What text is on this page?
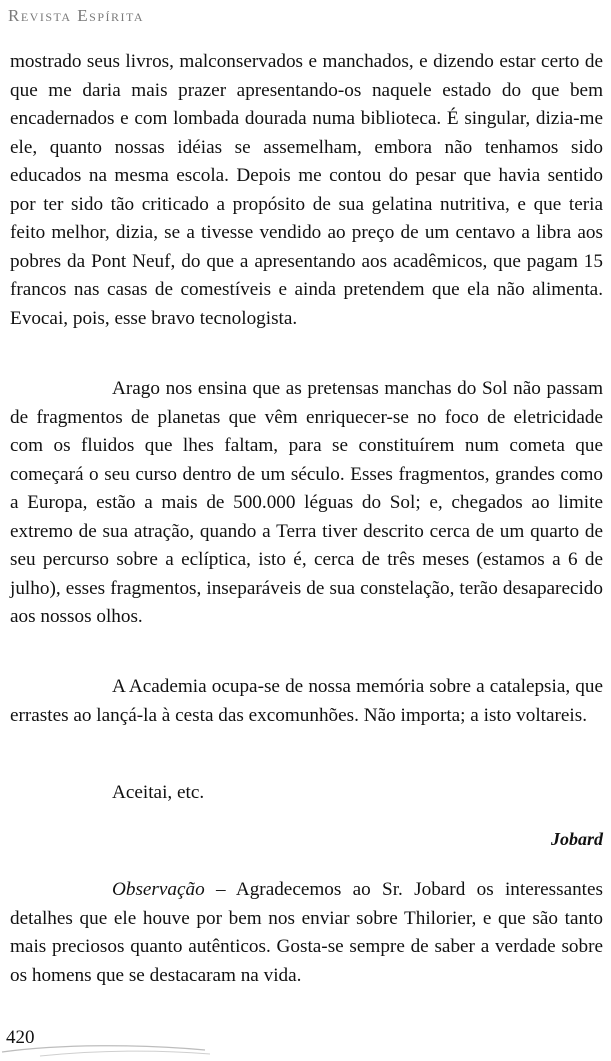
Revista Espírita

mostrado seus livros, malconservados e manchados, e dizendo estar certo de que me daria mais prazer apresentando-os naquele estado do que bem encadernados e com lombada dourada numa biblioteca. É singular, dizia-me ele, quanto nossas idéias se assemelham, embora não tenhamos sido educados na mesma escola. Depois me contou do pesar que havia sentido por ter sido tão criticado a propósito de sua gelatina nutritiva, e que teria feito melhor, dizia, se a tivesse vendido ao preço de um centavo a libra aos pobres da Pont Neuf, do que a apresentando aos acadêmicos, que pagam 15 francos nas casas de comestíveis e ainda pretendem que ela não alimenta. Evocai, pois, esse bravo tecnologista.

Arago nos ensina que as pretensas manchas do Sol não passam de fragmentos de planetas que vêm enriquecer-se no foco de eletricidade com os fluidos que lhes faltam, para se constituírem num cometa que começará o seu curso dentro de um século. Esses fragmentos, grandes como a Europa, estão a mais de 500.000 léguas do Sol; e, chegados ao limite extremo de sua atração, quando a Terra tiver descrito cerca de um quarto de seu percurso sobre a eclíptica, isto é, cerca de três meses (estamos a 6 de julho), esses fragmentos, inseparáveis de sua constelação, terão desaparecido aos nossos olhos.

A Academia ocupa-se de nossa memória sobre a catalepsia, que errastes ao lançá-la à cesta das excomunhões. Não importa; a isto voltareis.

Aceitai, etc.

Jobard

Observação – Agradecemos ao Sr. Jobard os interessantes detalhes que ele houve por bem nos enviar sobre Thilorier, e que são tanto mais preciosos quanto autênticos. Gosta-se sempre de saber a verdade sobre os homens que se destacaram na vida.

420
